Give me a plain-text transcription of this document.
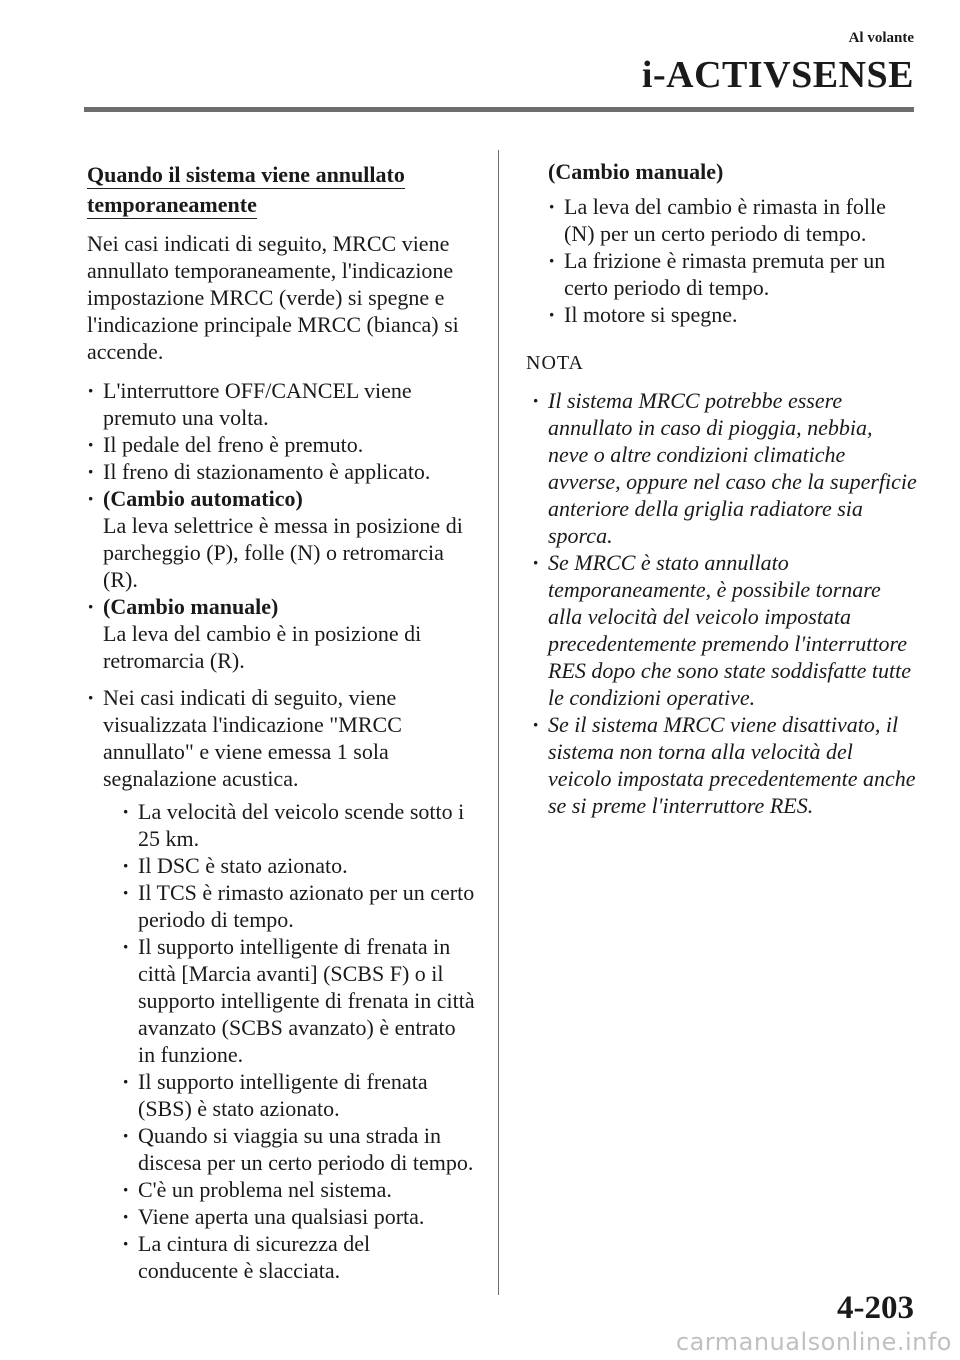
Al volante
i-ACTIVSENSE
Quando il sistema viene annullato
temporaneamente

Nei casi indicati di seguito, MRCC viene annullato temporaneamente, l'indicazione impostazione MRCC (verde) si spegne e l'indicazione principale MRCC (bianca) si accende.

· L'interruttore OFF/CANCEL viene premuto una volta.
· Il pedale del freno è premuto.
· Il freno di stazionamento è applicato.
· (Cambio automatico)
La leva selettrice è messa in posizione di parcheggio (P), folle (N) o retromarcia (R).
· (Cambio manuale)
La leva del cambio è in posizione di retromarcia (R).
· Nei casi indicati di seguito, viene visualizzata l'indicazione "MRCC annullato" e viene emessa 1 sola segnalazione acustica.
· La velocità del veicolo scende sotto i 25 km.
· Il DSC è stato azionato.
· Il TCS è rimasto azionato per un certo periodo di tempo.
· Il supporto intelligente di frenata in città [Marcia avanti] (SCBS F) o il supporto intelligente di frenata in città avanzato (SCBS avanzato) è entrato in funzione.
· Il supporto intelligente di frenata (SBS) è stato azionato.
· Quando si viaggia su una strada in discesa per un certo periodo di tempo.
· C'è un problema nel sistema.
· Viene aperta una qualsiasi porta.
· La cintura di sicurezza del conducente è slacciata.
(Cambio manuale)
· La leva del cambio è rimasta in folle (N) per un certo periodo di tempo.
· La frizione è rimasta premuta per un certo periodo di tempo.
· Il motore si spegne.
NOTA
· Il sistema MRCC potrebbe essere annullato in caso di pioggia, nebbia, neve o altre condizioni climatiche avverse, oppure nel caso che la superficie anteriore della griglia radiatore sia sporca.
· Se MRCC è stato annullato temporaneamente, è possibile tornare alla velocità del veicolo impostata precedentemente premendo l'interruttore RES dopo che sono state soddisfatte tutte le condizioni operative.
· Se il sistema MRCC viene disattivato, il sistema non torna alla velocità del veicolo impostata precedentemente anche se si preme l'interruttore RES.
4-203
carmanualsonline.info
